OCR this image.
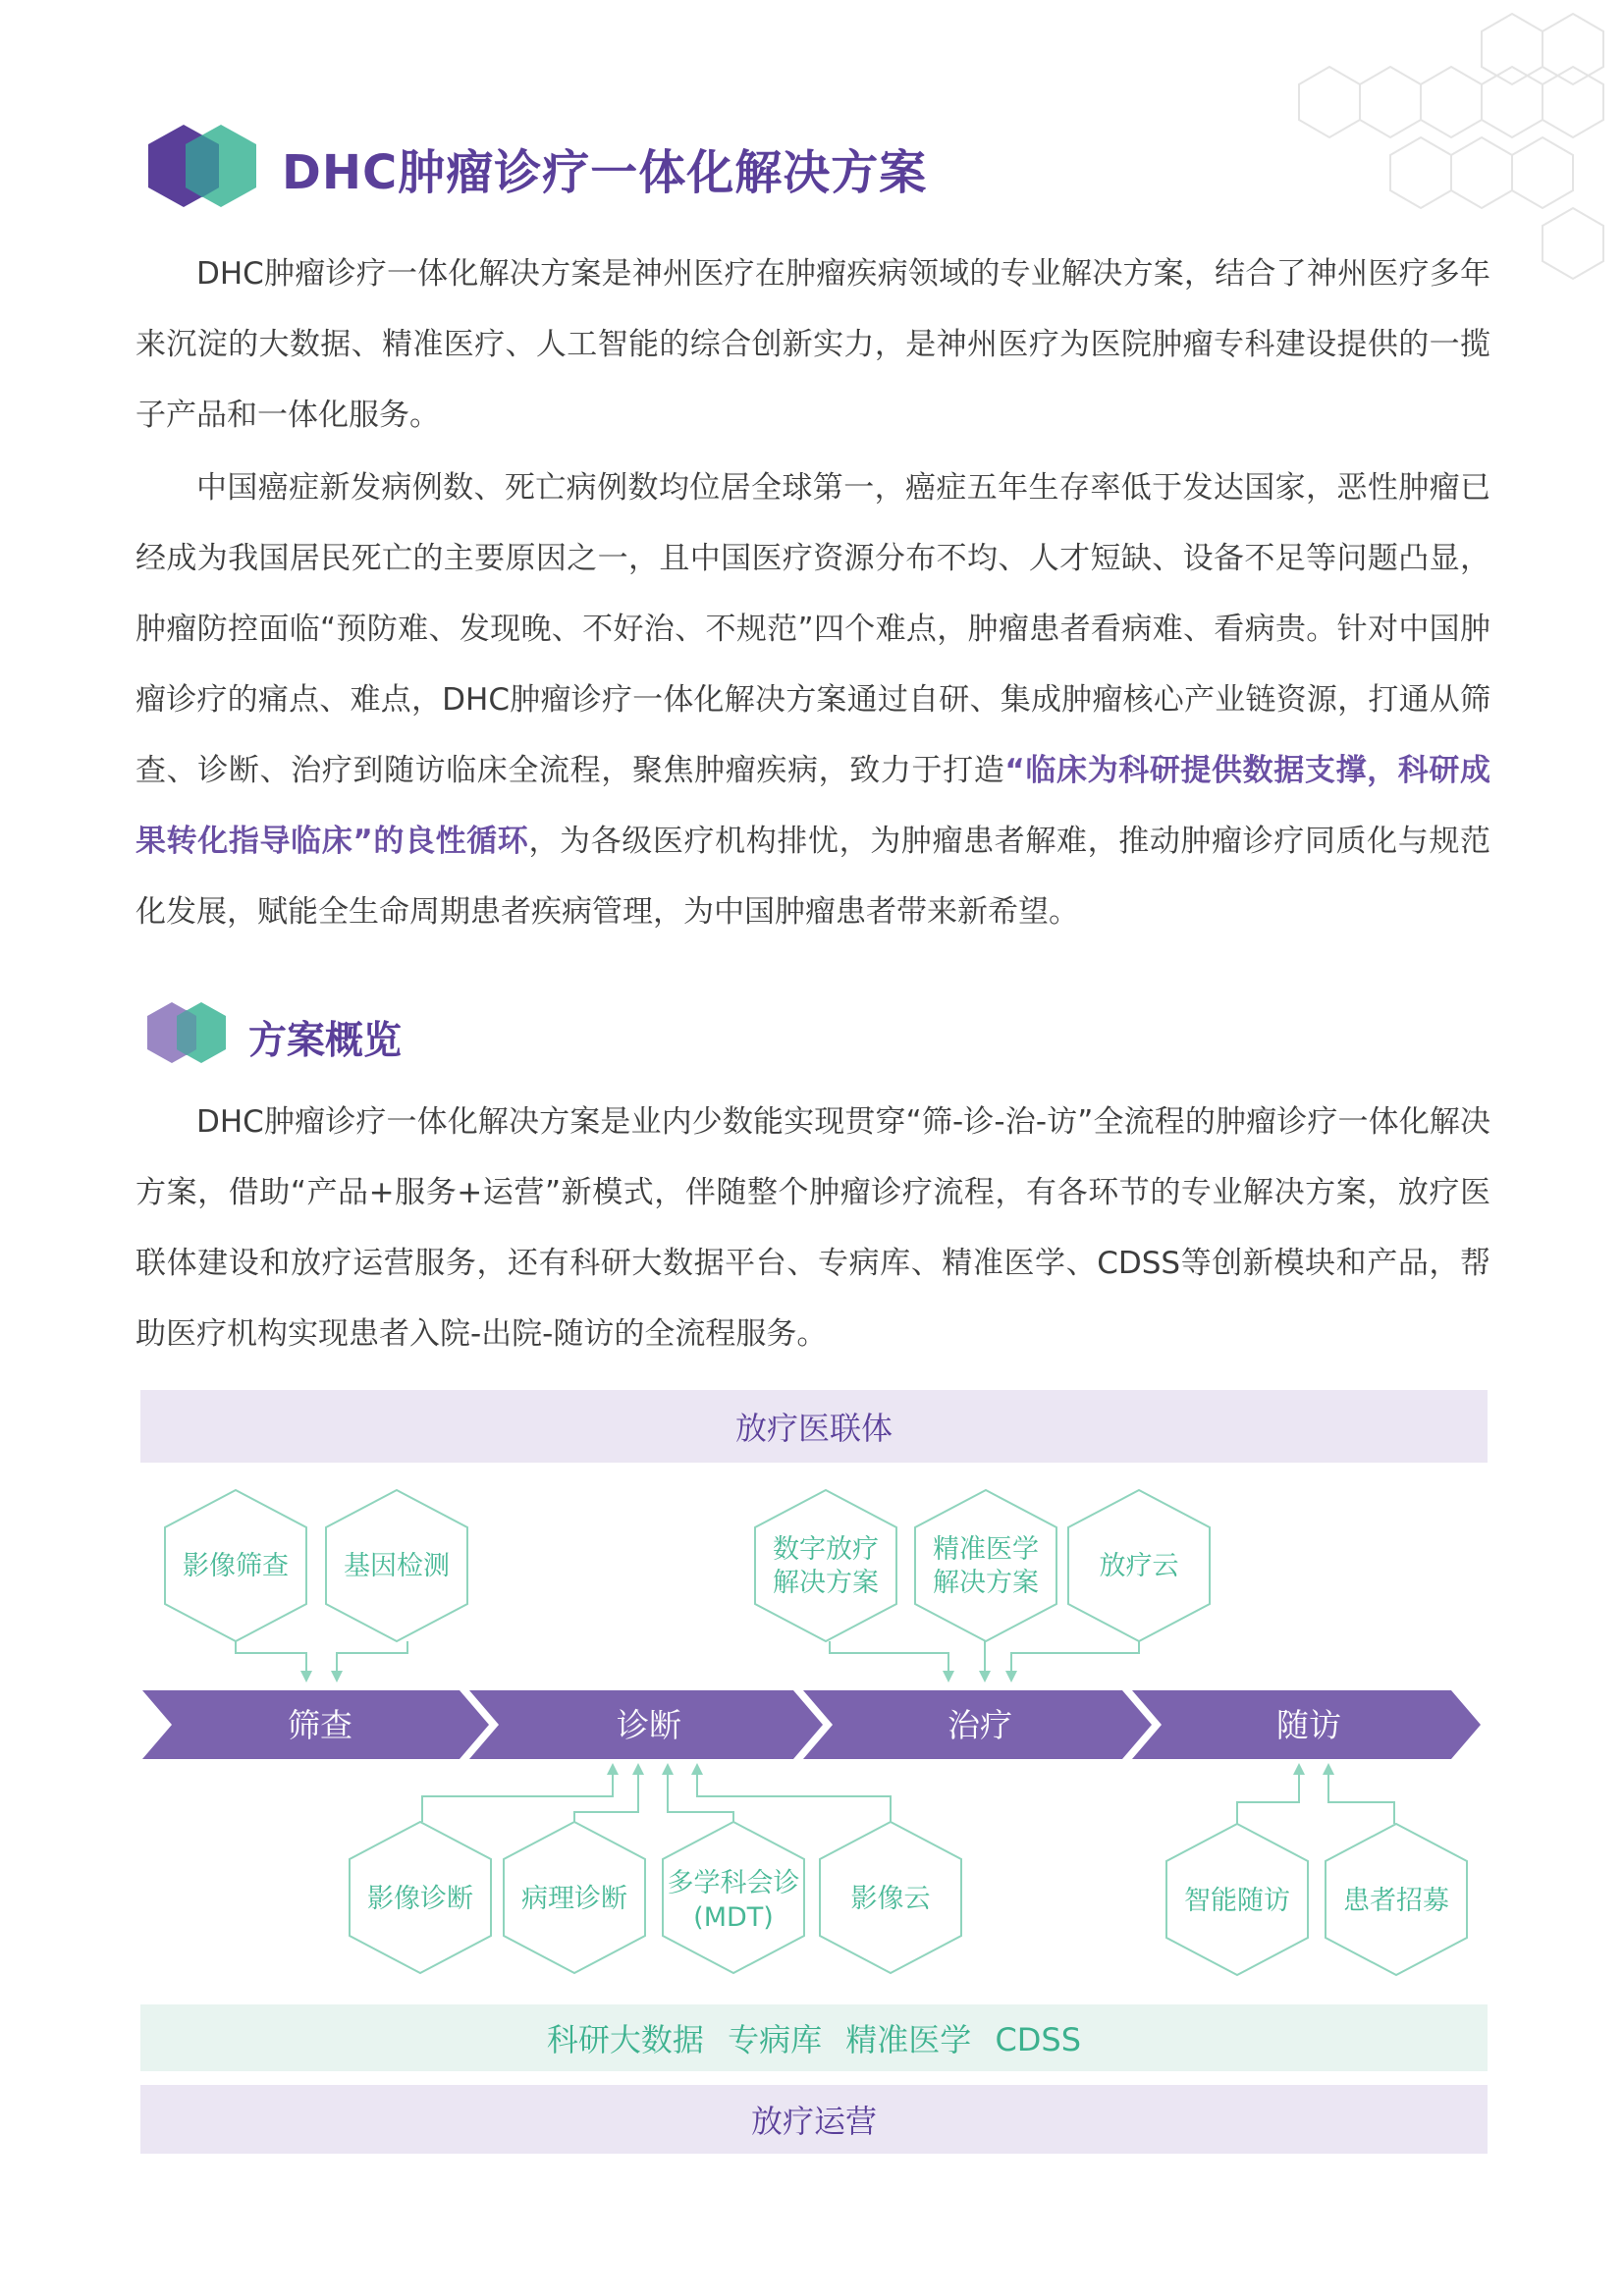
DHC肿瘤诊疗一体化解决方案

DHC肿瘤诊疗一体化解决方案是神州医疗在肿瘤疾病领域的专业解决方案，结合了神州医疗多年来沉淀的大数据、精准医疗、人工智能的综合创新实力，是神州医疗为医院肿瘤专科建设提供的一揽子产品和一体化服务。

中国癌症新发病例数、死亡病例数均位居全球第一，癌症五年生存率低于发达国家，恶性肿瘤已经成为我国居民死亡的主要原因之一，且中国医疗资源分布不均、人才短缺、设备不足等问题凸显，肿瘤防控面临“预防难、发现晚、不好治、不规范”四个难点，肿瘤患者看病难、看病贵。针对中国肿瘤诊疗的痛点、难点，DHC肿瘤诊疗一体化解决方案通过自研、集成肿瘤核心产业链资源，打通从筛查、诊断、治疗到随访临床全流程，聚焦肿瘤疾病，致力于打造“临床为科研提供数据支撑，科研成果转化指导临床”的良性循环，为各级医疗机构排忧，为肿瘤患者解难，推动肿瘤诊疗同质化与规范化发展，赋能全生命周期患者疾病管理，为中国肿瘤患者带来新希望。

方案概览

DHC肿瘤诊疗一体化解决方案是业内少数能实现贯穿“筛-诊-治-访”全流程的肿瘤诊疗一体化解决方案，借助“产品+服务+运营”新模式，伴随整个肿瘤诊疗流程，有各环节的专业解决方案，放疗医联体建设和放疗运营服务，还有科研大数据平台、专病库、精准医学、CDSS等创新模块和产品，帮助医疗机构实现患者入院-出院-随访的全流程服务。

放疗医联体
科研大数据 专病库 精准医学 CDSS
放疗运营
筛查	诊断	治疗	随访
影像筛查 基因检测
数字放疗
解决方案
精准医学
解决方案
放疗云
影像诊断 病理诊断
多学科会诊
(MDT)
影像云	智能随访 患者招募
